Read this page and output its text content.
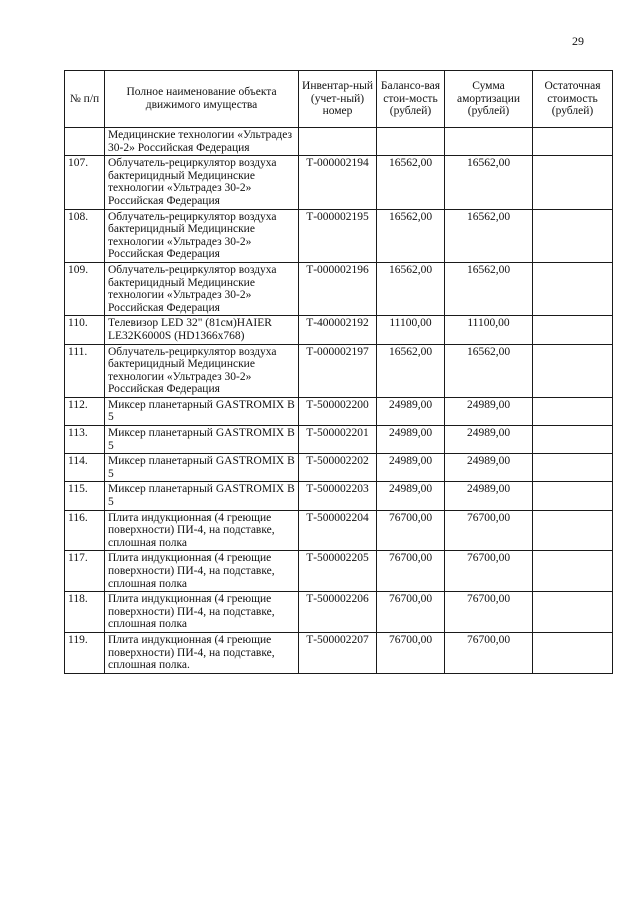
29
№ п/п	Полное наименование объекта движимого имущества	Инвентар-ный (учет-ный) номер	Балансо-вая стои-мость (рублей)	Сумма амортизации (рублей)	Остаточная стоимость (рублей)
	Медицинские технологии «Ультрадез 30-2» Российская Федерация				
107.	Облучатель-рециркулятор воздуха бактерицидный Медицинские технологии «Ультрадез 30-2» Российская Федерация	Т-000002194	16562,00	16562,00	
108.	Облучатель-рециркулятор воздуха бактерицидный Медицинские технологии «Ультрадез 30-2» Российская Федерация	Т-000002195	16562,00	16562,00	
109.	Облучатель-рециркулятор воздуха бактерицидный Медицинские технологии «Ультрадез 30-2» Российская Федерация	Т-000002196	16562,00	16562,00	
110.	Телевизор LED 32" (81см)HAIER LE32K6000S (HD1366x768)	Т-400002192	11100,00	11100,00	
111.	Облучатель-рециркулятор воздуха бактерицидный Медицинские технологии «Ультрадез 30-2» Российская Федерация	Т-000002197	16562,00	16562,00	
112.	Миксер планетарный GASTROMIX B 5	Т-500002200	24989,00	24989,00	
113.	Миксер планетарный GASTROMIX B 5	Т-500002201	24989,00	24989,00	
114.	Миксер планетарный GASTROMIX B 5	Т-500002202	24989,00	24989,00	
115.	Миксер планетарный GASTROMIX B 5	Т-500002203	24989,00	24989,00	
116.	Плита индукционная (4 греющие поверхности) ПИ-4, на подставке, сплошная полка	Т-500002204	76700,00	76700,00	
117.	Плита индукционная (4 греющие поверхности) ПИ-4, на подставке, сплошная полка	Т-500002205	76700,00	76700,00	
118.	Плита индукционная (4 греющие поверхности) ПИ-4, на подставке, сплошная полка	Т-500002206	76700,00	76700,00	
119.	Плита индукционная (4 греющие поверхности) ПИ-4, на подставке, сплошная полка.	Т-500002207	76700,00	76700,00	
